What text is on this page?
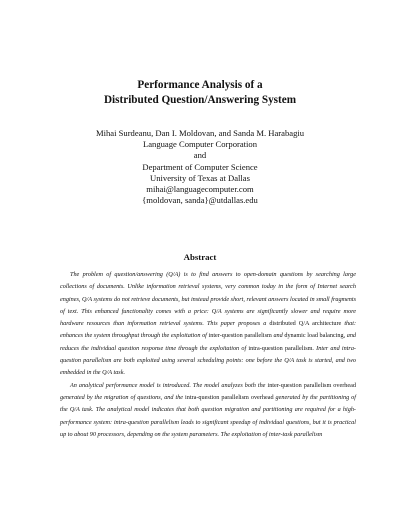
Performance Analysis of a
Distributed Question/Answering System
Mihai Surdeanu, Dan I. Moldovan, and Sanda M. Harabagiu
Language Computer Corporation
and
Department of Computer Science
University of Texas at Dallas
mihai@languagecomputer.com
{moldovan, sanda}@utdallas.edu
Abstract

The problem of question/answering (Q/A) is to find answers to open-domain questions by searching large collections of documents. Unlike information retrieval systems, very common today in the form of Internet search engines, Q/A systems do not retrieve documents, but instead provide short, relevant answers located in small fragments of text. This enhanced functionality comes with a price: Q/A systems are significantly slower and require more hardware resources than information retrieval systems. This paper proposes a distributed Q/A architecture that: enhances the system throughput through the exploitation of inter-question parallelism and dynamic load balancing, and reduces the individual question response time through the exploitation of intra-question parallelism. Inter and intra-question parallelism are both exploited using several scheduling points: one before the Q/A task is started, and two embedded in the Q/A task.

An analytical performance model is introduced. The model analyzes both the inter-question parallelism overhead generated by the migration of questions, and the intra-question parallelism overhead generated by the partitioning of the Q/A task. The analytical model indicates that both question migration and partitioning are required for a high-performance system: intra-question parallelism leads to significant speedup of individual questions, but it is practical up to about 90 processors, depending on the system parameters. The exploitation of inter-task parallelism
